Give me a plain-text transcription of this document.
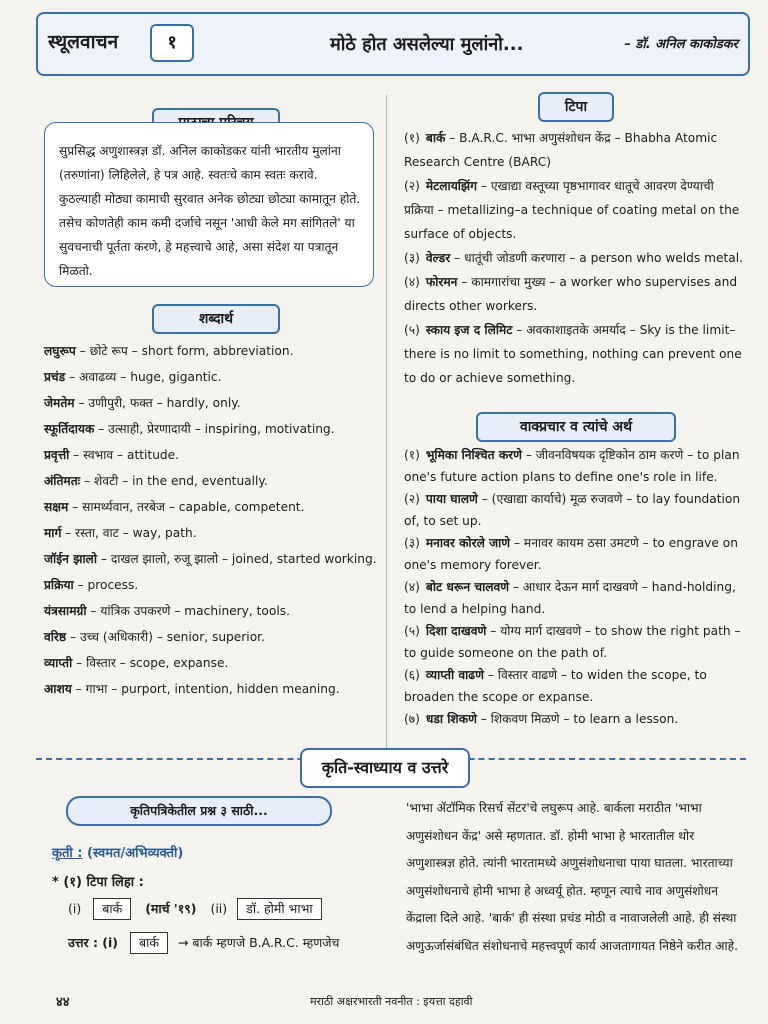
स्थूलवाचन	१	मोठे होत असलेल्या मुलांनो...	– डॉ. अनिल काकोडकर
सुप्रसिद्ध अणुशास्त्रज्ञ डॉ. अनिल काकोडकर यांनी भारतीय मुलांना (तरुणांना) लिहिलेले, हे पत्र आहे. स्वतःचे काम स्वतः करावे. कुठल्याही मोठ्या कामाची सुरवात अनेक छोट्या छोट्या कामातून होते. तसेच कोणतेही काम कमी दर्जाचे नसून 'आधी केले मग सांगितले' या सुवचनाची पूर्तता करणे, हे महत्त्वाचे आहे, असा संदेश या पत्रातून मिळतो.
शब्दार्थ
लघुरूप – छोटे रूप – short form, abbreviation.
प्रचंड – अवाढव्य – huge, gigantic.
जेमतेम – उणीपुरी, फक्त – hardly, only.
स्फूर्तिदायक – उत्साही, प्रेरणादायी – inspiring, motivating.
प्रवृत्ती – स्वभाव – attitude.
अंतिमतः – शेवटी – in the end, eventually.
सक्षम – सामर्थ्यवान, तरबेज – capable, competent.
मार्ग – रस्ता, वाट – way, path.
जॉईन झालो – दाखल झालो, रुजू झालो – joined, started working.
प्रक्रिया – process.
यंत्रसामग्री – यांत्रिक उपकरणे – machinery, tools.
वरिष्ठ – उच्च (अधिकारी) – senior, superior.
व्याप्ती – विस्तार – scope, expanse.
आशय – गाभा – purport, intention, hidden meaning.
टिपा
(१) बार्क – B.A.R.C. भाभा अणुसंशोधन केंद्र – Bhabha Atomic Research Centre (BARC)
(२) मेटलायझिंग – एखाद्या वस्तूच्या पृष्ठभागावर धातूचे आवरण देण्याची प्रक्रिया – metallizing–a technique of coating metal on the surface of objects.
(३) वेल्डर – धातूंची जोडणी करणारा – a person who welds metal.
(४) फोरमन – कामगारांचा मुख्य – a worker who supervises and directs other workers.
(५) स्काय इज द लिमिट – अवकाशाइतके अमर्याद – Sky is the limit–there is no limit to something, nothing can prevent one to do or achieve something.
वाक्प्रचार व त्यांचे अर्थ
(१) भूमिका निश्चित करणे – जीवनविषयक दृष्टिकोन ठाम करणे – to plan one's future action plans to define one's role in life.
(२) पाया घालणे – (एखाद्या कार्याचे) मूळ रुजवणे – to lay foundation of, to set up.
(३) मनावर कोरले जाणे – मनावर कायम ठसा उमटणे – to engrave on one's memory forever.
(४) बोट धरून चालवणे – आधार देऊन मार्ग दाखवणे – hand-holding, to lend a helping hand.
(५) दिशा दाखवणे – योग्य मार्ग दाखवणे – to show the right path – to guide someone on the path of.
(६) व्याप्ती वाढणे – विस्तार वाढणे – to widen the scope, to broaden the scope or expanse.
(७) धडा शिकणे – शिकवण मिळणे – to learn a lesson.
कृति-स्वाध्याय व उत्तरे
कृतिपत्रिकेतील प्रश्न ३ साठी...
कृती : (स्वमत/अभिव्यक्ती)
* (१) टिपा लिहा :
(i) बार्क (मार्च '१९) (ii) डॉ. होमी भाभा
उत्तर : (i) बार्क → बार्क म्हणजे B.A.R.C. म्हणजेच
'भाभा ॲटॉमिक रिसर्च सेंटर'चे लघुरूप आहे. बार्कला मराठीत 'भाभा अणुसंशोधन केंद्र' असे म्हणतात. डॉ. होमी भाभा हे भारतातील थोर अणुशास्त्रज्ञ होते. त्यांनी भारतामध्ये अणुसंशोधनाचा पाया घातला. भारताच्या अणुसंशोधनाचे होमी भाभा हे अध्वर्यू होत. म्हणून त्याचे नाव अणुसंशोधन केंद्राला दिले आहे. 'बार्क' ही संस्था प्रचंड मोठी व नावाजलेली आहे. ही संस्था अणुऊर्जासंबंधित संशोधनाचे महत्त्वपूर्ण कार्य आजतागायत निष्ठेने करीत आहे.
४४	मराठी अक्षरभारती नवनीत : इयत्ता दहावी
